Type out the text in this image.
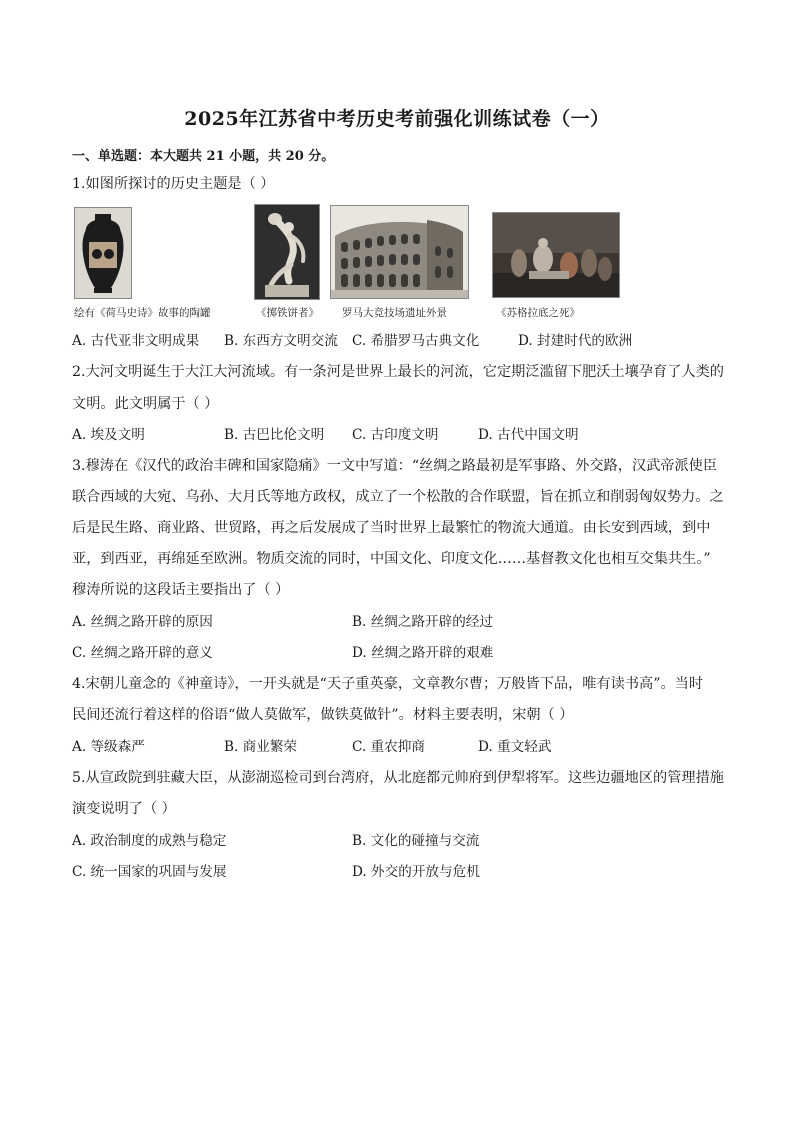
2025年江苏省中考历史考前强化训练试卷（一）
一、单选题：本大题共 21 小题，共 20 分。
1.如图所探讨的历史主题是（ ）
绘有《荷马史诗》故事的陶罐	《掷铁饼者》 罗马大竞技场遗址外景	《苏格拉底之死》
A. 古代亚非文明成果 B. 东西方文明交流 C. 希腊罗马古典文化	D. 封建时代的欧洲
2.大河文明诞生于大江大河流域。有一条河是世界上最长的河流，它定期泛滥留下肥沃土壤孕育了人类的
文明。此文明属于（ ）
A. 埃及文明	B. 古巴比伦文明 C. 古印度文明	D. 古代中国文明
3.穆涛在《汉代的政治丰碑和国家隐痛》一文中写道：“丝绸之路最初是军事路、外交路，汉武帝派使臣
联合西域的大宛、乌孙、大月氏等地方政权，成立了一个松散的合作联盟，旨在抓立和削弱匈奴势力。之
后是民生路、商业路、世贸路，再之后发展成了当时世界上最繁忙的物流大通道。由长安到西域，到中
亚，到西亚，再绵延至欧洲。物质交流的同时，中国文化、印度文化……基督教文化也相互交集共生。”
穆涛所说的这段话主要指出了（ ）
A. 丝绸之路开辟的原因	B. 丝绸之路开辟的经过
C. 丝绸之路开辟的意义	D. 丝绸之路开辟的艰难
4.宋朝儿童念的《神童诗》，一开头就是“天子重英豪，文章教尔曹；万般皆下品，唯有读书高”。当时
民间还流行着这样的俗语“做人莫做军，做铁莫做针”。材料主要表明，宋朝（ ）
A. 等级森严	B. 商业繁荣	C. 重农抑商	D. 重文轻武
5.从宣政院到驻藏大臣，从澎湖巡检司到台湾府，从北庭都元帅府到伊犁将军。这些边疆地区的管理措施
演变说明了（ ）
A. 政治制度的成熟与稳定	B. 文化的碰撞与交流
C. 统一国家的巩固与发展	D. 外交的开放与危机
